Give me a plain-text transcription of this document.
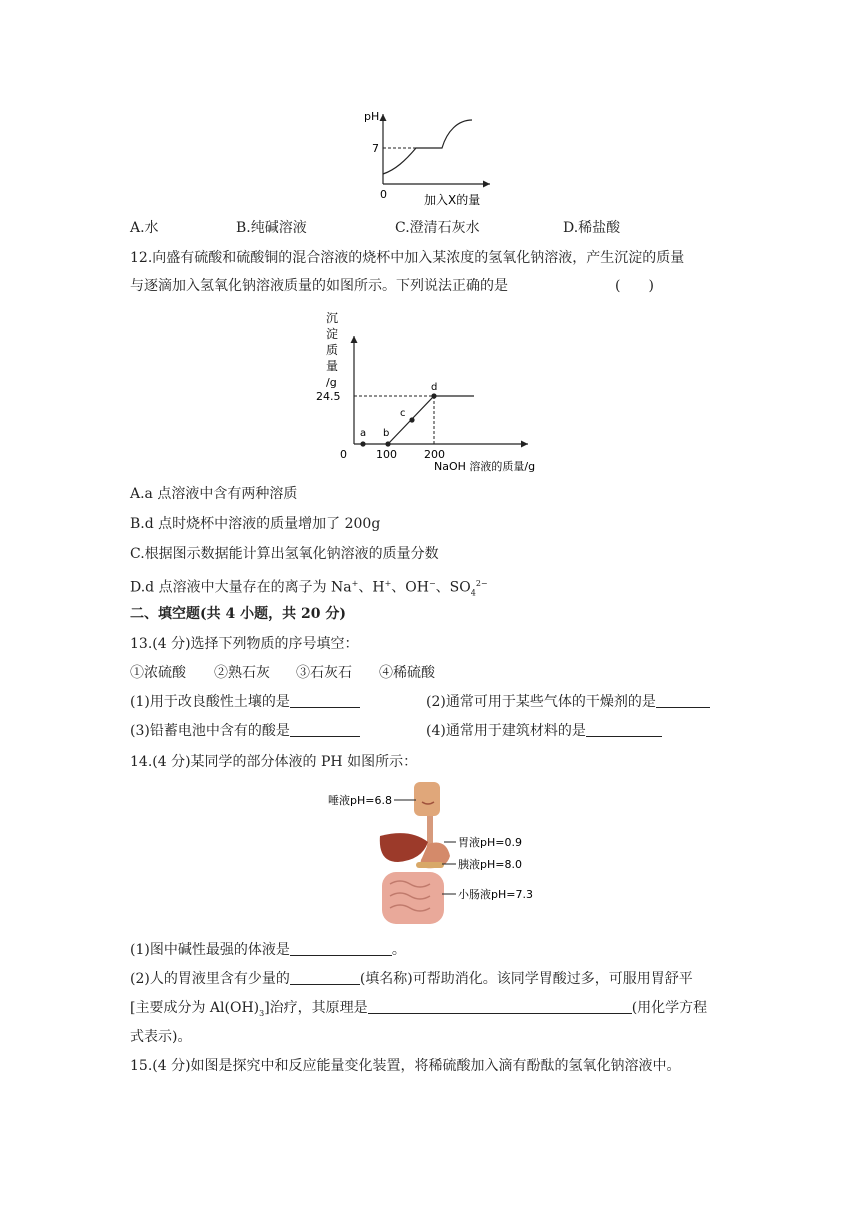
pH
7
0	加入X的量
A.水	B.纯碱溶液	C.澄清石灰水	D.稀盐酸
12.向盛有硫酸和硫酸铜的混合溶液的烧杯中加入某浓度的氢氧化钠溶液，产生沉淀的质量
与逐滴加入氢氧化钠溶液质量的如图所示。下列说法正确的是	(　　)
a b
c
d
沉
淀
质
量
/g
24.5
0	100 200
NaOH 溶液的质量/g
A.a 点溶液中含有两种溶质
B.d 点时烧杯中溶液的质量增加了 200g
C.根据图示数据能计算出氢氧化钠溶液的质量分数
D.d 点溶液中大量存在的离子为 Na+、H+、OH−、$SO_4^{2-}$
二、填空题(共 4 小题，共 20 分)
13.(4 分)选择下列物质的序号填空：
①浓硫酸 ②熟石灰 ③石灰石 ④稀硫酸
(1)用于改良酸性土壤的是	(2)通常可用于某些气体的干燥剂的是
(3)铅蓄电池中含有的酸是	(4)通常用于建筑材料的是
14.(4 分)某同学的部分体液的 PH 如图所示：
唾液pH=6.8
胃液pH=0.9
胰液pH=8.0
小肠液pH=7.3
(1)图中碱性最强的体液是	。
(2)人的胃液里含有少量的	(填名称)可帮助消化。该同学胃酸过多，可服用胃舒平
[主要成分为 $Al(OH)_3$]治疗，其原理是	(用化学方程
式表示)。
15.(4 分)如图是探究中和反应能量变化装置，将稀硫酸加入滴有酚酞的氢氧化钠溶液中。
